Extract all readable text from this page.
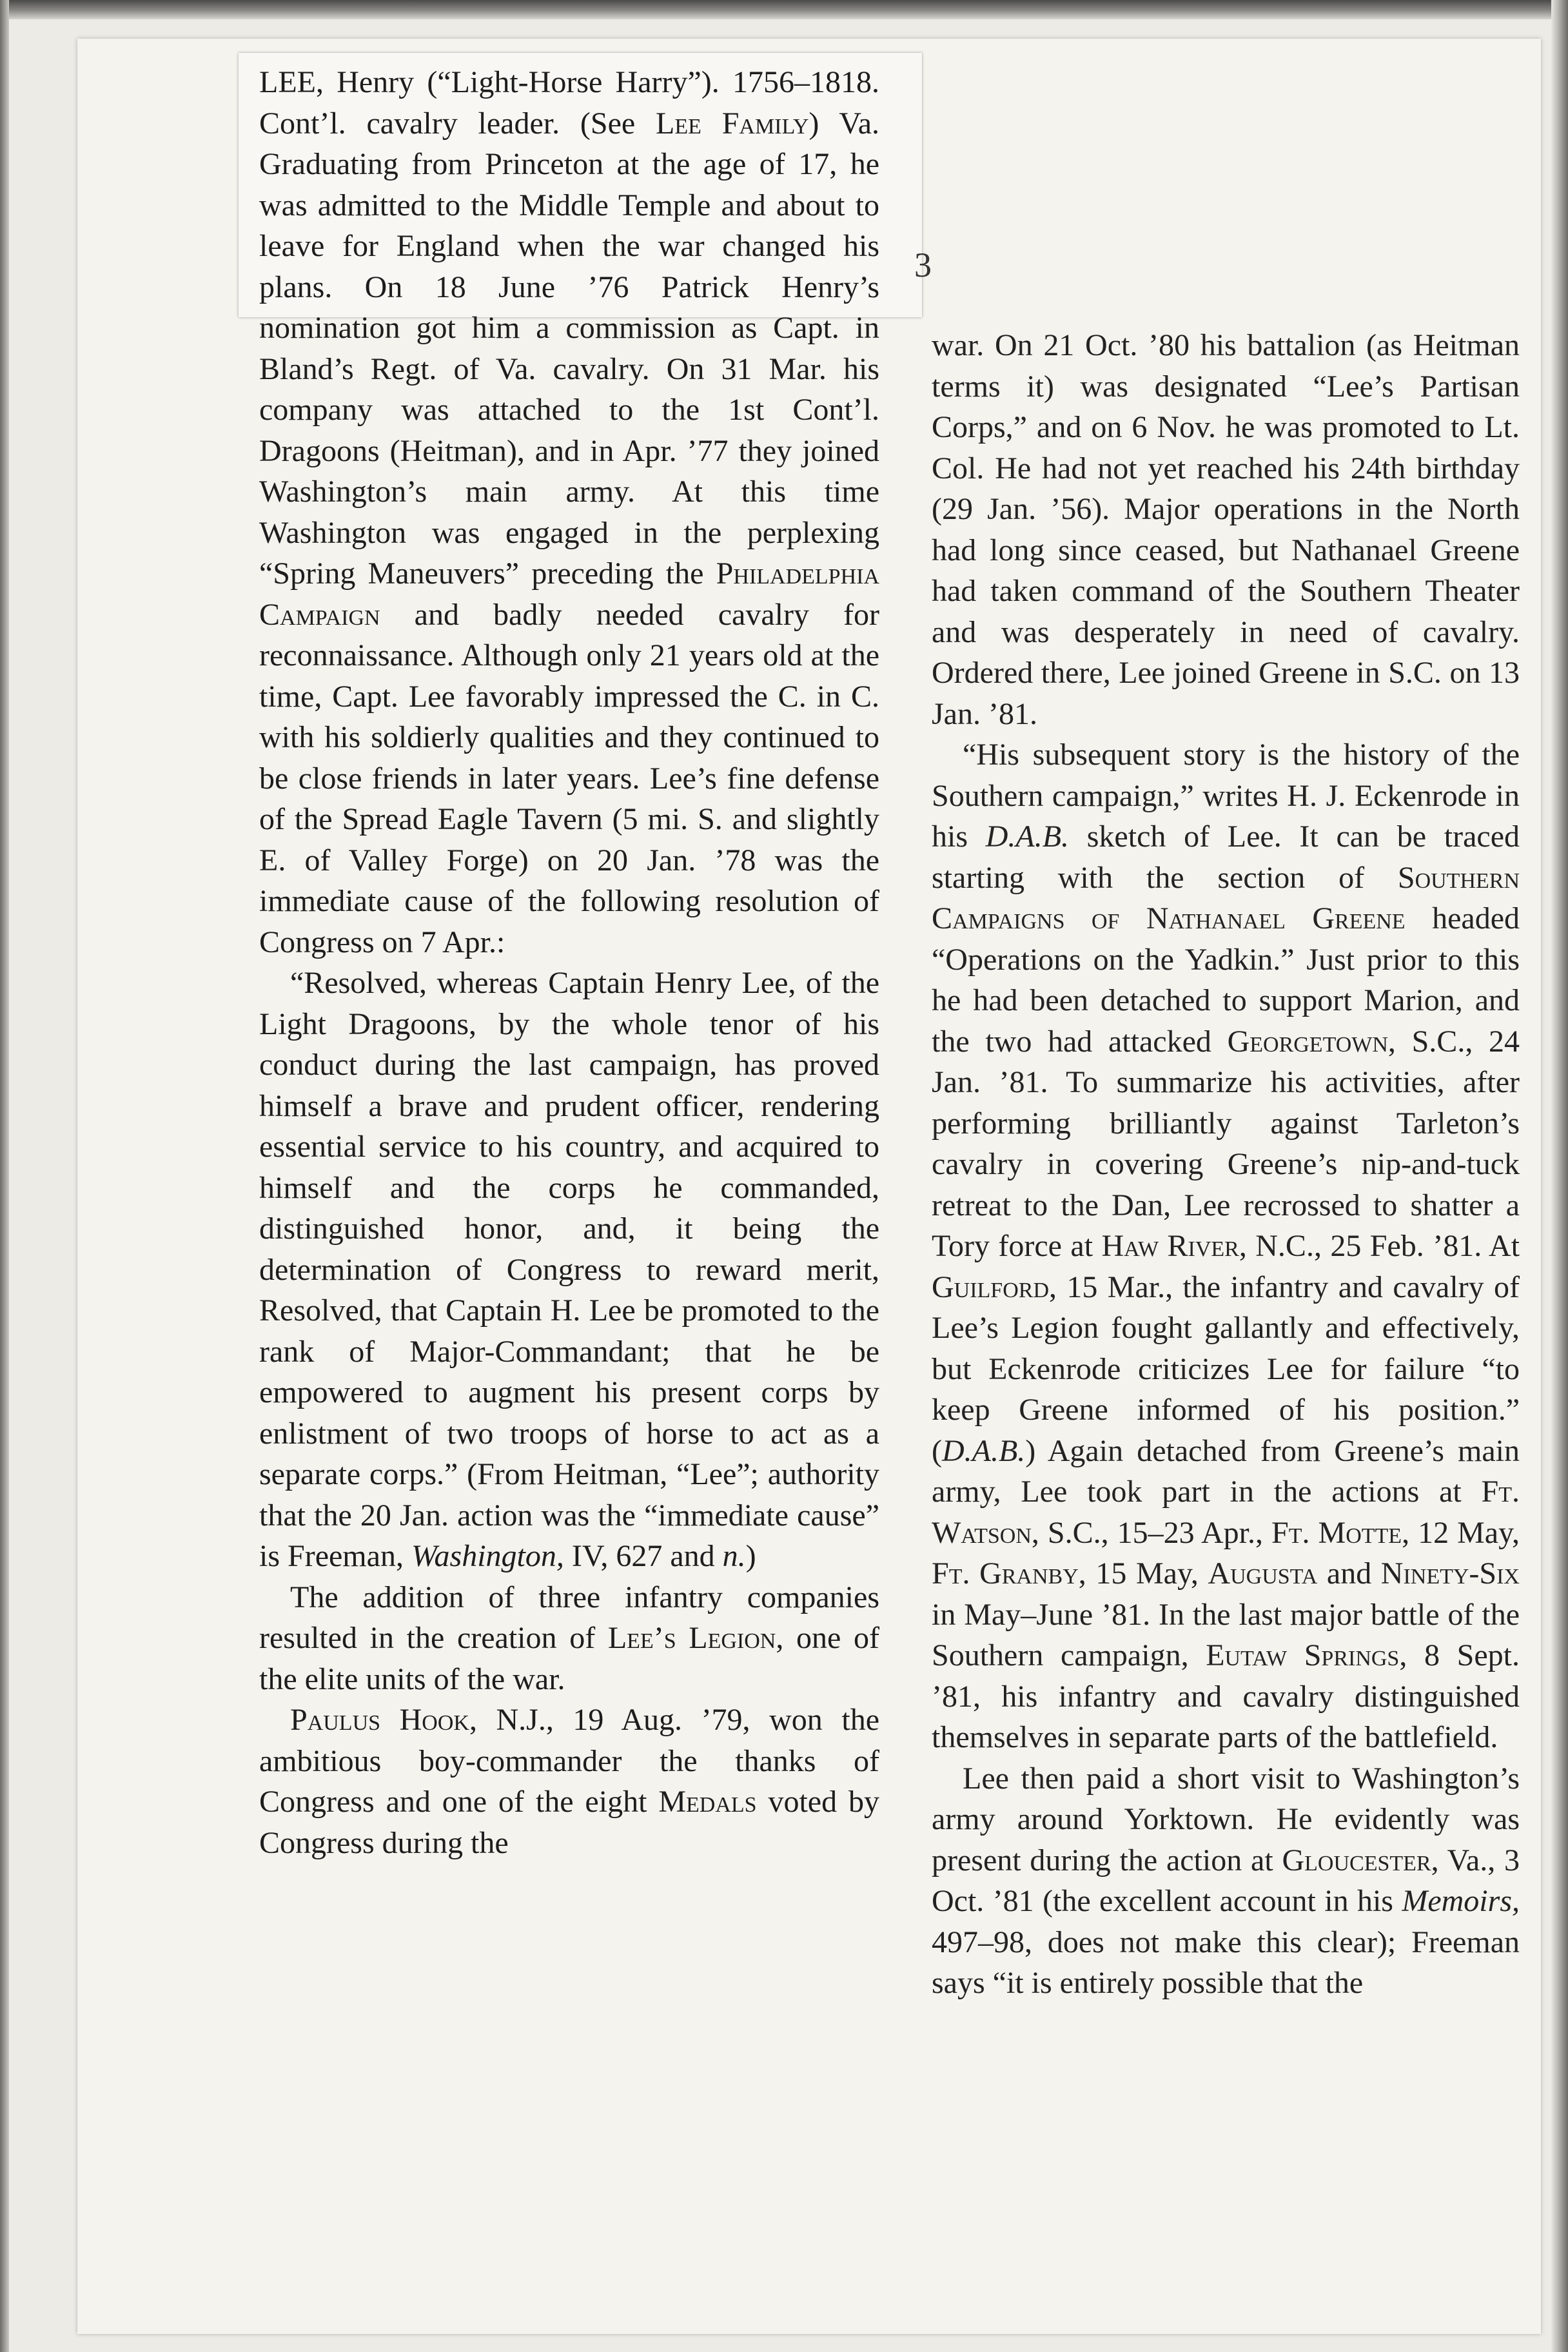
3

LEE, Henry (“Light-Horse Harry”). 1756–1818. Cont’l. cavalry leader. (See Lee Family) Va. Graduating from Princeton at the age of 17, he was admitted to the Middle Temple and about to leave for England when the war changed his plans. On 18 June ’76 Patrick Henry’s nomination got him a commission as Capt. in Bland’s Regt. of Va. cavalry. On 31 Mar. his company was attached to the 1st Cont’l. Dragoons (Heitman), and in Apr. ’77 they joined Washington’s main army. At this time Washington was engaged in the perplexing “Spring Maneuvers” preceding the Philadelphia Campaign and badly needed cavalry for reconnaissance. Although only 21 years old at the time, Capt. Lee favorably impressed the C. in C. with his soldierly qualities and they continued to be close friends in later years. Lee’s fine defense of the Spread Eagle Tavern (5 mi. S. and slightly E. of Valley Forge) on 20 Jan. ’78 was the immediate cause of the following resolution of Congress on 7 Apr.:

“Resolved, whereas Captain Henry Lee, of the Light Dragoons, by the whole tenor of his conduct during the last campaign, has proved himself a brave and prudent officer, rendering essential service to his country, and acquired to himself and the corps he commanded, distinguished honor, and, it being the determination of Congress to reward merit, Resolved, that Captain H. Lee be promoted to the rank of Major-Commandant; that he be empowered to augment his present corps by enlistment of two troops of horse to act as a separate corps.” (From Heitman, “Lee”; authority that the 20 Jan. action was the “immediate cause” is Freeman, Washington, IV, 627 and n.)

The addition of three infantry companies resulted in the creation of Lee’s Legion, one of the elite units of the war.

Paulus Hook, N.J., 19 Aug. ’79, won the ambitious boy-commander the thanks of Congress and one of the eight Medals voted by Congress during the

war. On 21 Oct. ’80 his battalion (as Heitman terms it) was designated “Lee’s Partisan Corps,” and on 6 Nov. he was promoted to Lt. Col. He had not yet reached his 24th birthday (29 Jan. ’56). Major operations in the North had long since ceased, but Nathanael Greene had taken command of the Southern Theater and was desperately in need of cavalry. Ordered there, Lee joined Greene in S.C. on 13 Jan. ’81.

“His subsequent story is the history of the Southern campaign,” writes H. J. Eckenrode in his D.A.B. sketch of Lee. It can be traced starting with the section of Southern Campaigns of Nathanael Greene headed “Operations on the Yadkin.” Just prior to this he had been detached to support Marion, and the two had attacked Georgetown, S.C., 24 Jan. ’81. To summarize his activities, after performing brilliantly against Tarleton’s cavalry in covering Greene’s nip-and-tuck retreat to the Dan, Lee recrossed to shatter a Tory force at Haw River, N.C., 25 Feb. ’81. At Guilford, 15 Mar., the infantry and cavalry of Lee’s Legion fought gallantly and effectively, but Eckenrode criticizes Lee for failure “to keep Greene informed of his position.” (D.A.B.) Again detached from Greene’s main army, Lee took part in the actions at Ft. Watson, S.C., 15–23 Apr., Ft. Motte, 12 May, Ft. Granby, 15 May, Augusta and Ninety-Six in May–June ’81. In the last major battle of the Southern campaign, Eutaw Springs, 8 Sept. ’81, his infantry and cavalry distinguished themselves in separate parts of the battlefield.

Lee then paid a short visit to Washington’s army around Yorktown. He evidently was present during the action at Gloucester, Va., 3 Oct. ’81 (the excellent account in his Memoirs, 497–98, does not make this clear); Freeman says “it is entirely possible that the
